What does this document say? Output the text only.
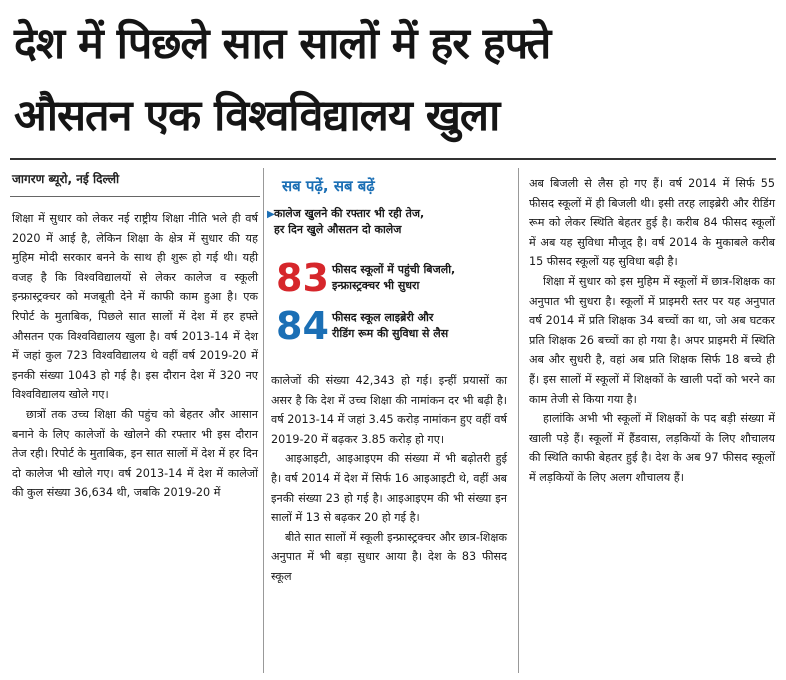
देश में पिछले सात सालों में हर हफ्ते
औसतन एक विश्वविद्यालय खुला
जागरण ब्यूरो, नई दिल्ली

शिक्षा में सुधार को लेकर नई राष्ट्रीय शिक्षा नीति भले ही वर्ष 2020 में आई है, लेकिन शिक्षा के क्षेत्र में सुधार की यह मुहिम मोदी सरकार बनने के साथ ही शुरू हो गई थी। यही वजह है कि विश्वविद्यालयों से लेकर कालेज व स्कूली इन्फ्रास्ट्रक्चर को मजबूती देने में काफी काम हुआ है। एक रिपोर्ट के मुताबिक, पिछले सात सालों में देश में हर हफ्ते औसतन एक विश्वविद्यालय खुला है। वर्ष 2013-14 में देश में जहां कुल 723 विश्वविद्यालय थे वहीं वर्ष 2019-20 में इनकी संख्या 1043 हो गई है। इस दौरान देश में 320 नए विश्वविद्यालय खोले गए।

छात्रों तक उच्च शिक्षा की पहुंच को बेहतर और आसान बनाने के लिए कालेजों के खोलने की रफ्तार भी इस दौरान तेज रही। रिपोर्ट के मुताबिक, इन सात सालों में देश में हर दिन दो कालेज भी खोले गए। वर्ष 2013-14 में देश में कालेजों की कुल संख्या 36,634 थी, जबकि 2019-20 में

सब पढ़ें, सब बढ़ें
▶ कालेज खुलने की रफ्तार भी रही तेज,
हर दिन खुले औसतन दो कालेज
83 फीसद स्कूलों में पहुंची बिजली,
इन्फ्रास्ट्रक्चर भी सुधरा
84 फीसद स्कूल लाइब्रेरी और
रीडिंग रूम की सुविधा से लैस

कालेजों की संख्या 42,343 हो गई। इन्हीं प्रयासों का असर है कि देश में उच्च शिक्षा की नामांकन दर भी बढ़ी है। वर्ष 2013-14 में जहां 3.45 करोड़ नामांकन हुए वहीं वर्ष 2019-20 में बढ़कर 3.85 करोड़ हो गए।

आइआइटी, आइआइएम की संख्या में भी बढ़ोतरी हुई है। वर्ष 2014 में देश में सिर्फ 16 आइआइटी थे, वहीं अब इनकी संख्या 23 हो गई है। आइआइएम की भी संख्या इन सालों में 13 से बढ़कर 20 हो गई है।

बीते सात सालों में स्कूली इन्फ्रास्ट्रक्चर और छात्र-शिक्षक अनुपात में भी बड़ा सुधार आया है। देश के 83 फीसद स्कूल

अब बिजली से लैस हो गए हैं। वर्ष 2014 में सिर्फ 55 फीसद स्कूलों में ही बिजली थी। इसी तरह लाइब्रेरी और रीडिंग रूम को लेकर स्थिति बेहतर हुई है। करीब 84 फीसद स्कूलों में अब यह सुविधा मौजूद है। वर्ष 2014 के मुकाबले करीब 15 फीसद स्कूलों यह सुविधा बढ़ी है।

शिक्षा में सुधार को इस मुहिम में स्कूलों में छात्र-शिक्षक का अनुपात भी सुधरा है। स्कूलों में प्राइमरी स्तर पर यह अनुपात वर्ष 2014 में प्रति शिक्षक 34 बच्चों का था, जो अब घटकर प्रति शिक्षक 26 बच्चों का हो गया है। अपर प्राइमरी में स्थिति अब और सुधरी है, वहां अब प्रति शिक्षक सिर्फ 18 बच्चे ही हैं। इस सालों में स्कूलों में शिक्षकों के खाली पदों को भरने का काम तेजी से किया गया है।

हालांकि अभी भी स्कूलों में शिक्षकों के पद बड़ी संख्या में खाली पड़े हैं। स्कूलों में हैंडवास, लड़कियों के लिए शौचालय की स्थिति काफी बेहतर हुई है। देश के अब 97 फीसद स्कूलों में लड़कियों के लिए अलग शौचालय हैं।
